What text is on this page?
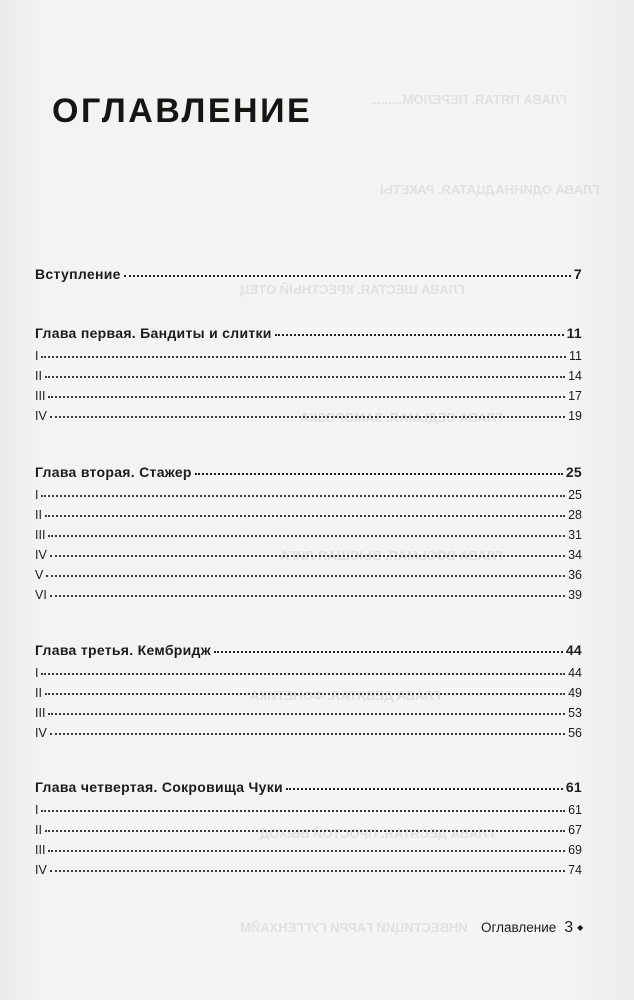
ГЛАВА ПЯТАЯ. ПЕРЕЛОМ.........
ГЛАВА ОДИННАДЦАТАЯ. РАКЕТЫ
ГЛАВА ШЕСТАЯ. КРЕСТНЫЙ ОТЕЦ
ГЛАВА СЕДЬМАЯ. ЗАМОРОЗКА
ГЛАВА ВОСЬМАЯ. ВЫСШАЯ ЛИГА
ГЛАВА ДЕВЯТАЯ. ФОНЕТИКА
ГЛАВА ДЕСЯТАЯ. ПРОСТОЙ ВЫХОД
ИНВЕСТИЦИИ ГАРРИ ГУГГЕНХАЙМ
ОГЛАВЛЕНИЕ
Вступление	7
Глава первая. Бандиты и слитки	11
I	11
II	14
III	17
IV	19
Глава вторая. Стажер	25
I	25
II	28
III	31
IV	34
V	36
VI	39
Глава третья. Кембридж	44
I	44
II	49
III	53
IV	56
Глава четвертая. Сокровища Чуки	61
I	61
II	67
III	69
IV	74
Оглавление 3 ◆
